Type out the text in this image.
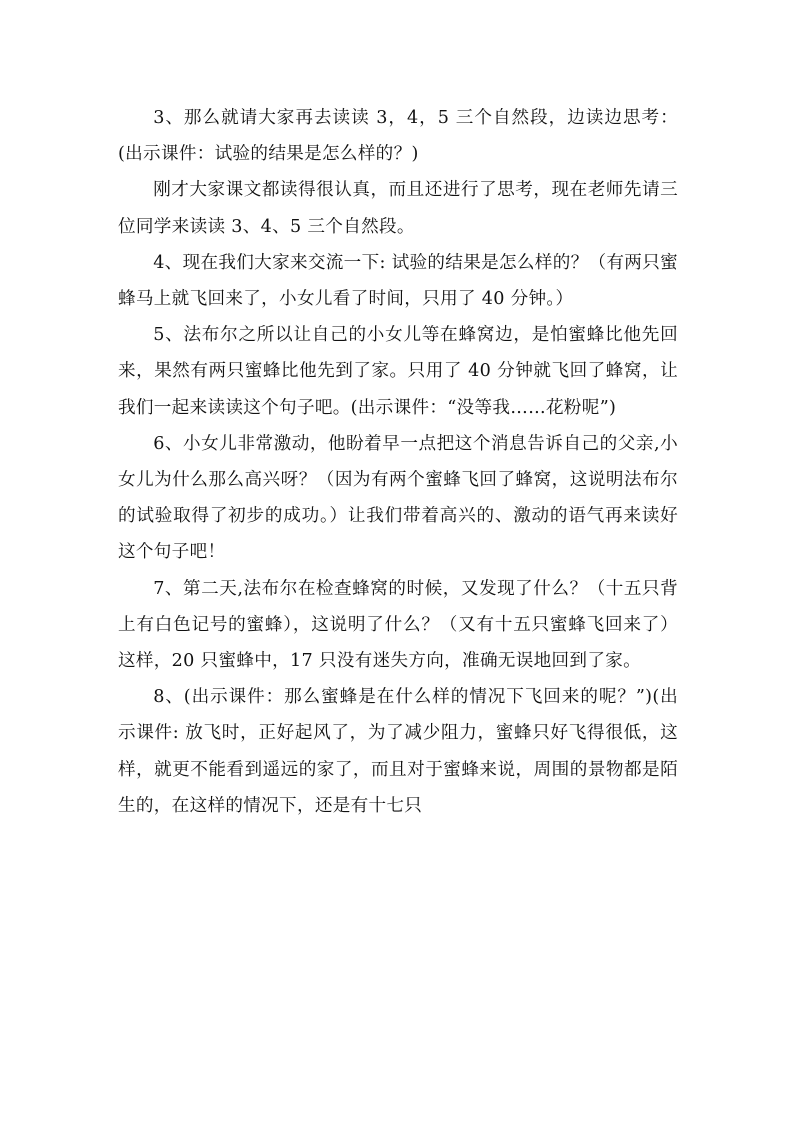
3、那么就请大家再去读读 3，4，5 三个自然段，边读边思考：(出示课件：试验的结果是怎么样的？)

刚才大家课文都读得很认真，而且还进行了思考，现在老师先请三位同学来读读 3、4、5 三个自然段。

4、现在我们大家来交流一下: 试验的结果是怎么样的？（有两只蜜蜂马上就飞回来了，小女儿看了时间，只用了 40 分钟。）

5、法布尔之所以让自己的小女儿等在蜂窝边，是怕蜜蜂比他先回来，果然有两只蜜蜂比他先到了家。只用了 40 分钟就飞回了蜂窝，让我们一起来读读这个句子吧。(出示课件：“没等我……花粉呢”)

6、小女儿非常激动，他盼着早一点把这个消息告诉自己的父亲,小女儿为什么那么高兴呀？（因为有两个蜜蜂飞回了蜂窝，这说明法布尔的试验取得了初步的成功。）让我们带着高兴的、激动的语气再来读好这个句子吧！

7、第二天,法布尔在检查蜂窝的时候，又发现了什么？（十五只背上有白色记号的蜜蜂），这说明了什么？（又有十五只蜜蜂飞回来了）这样，20 只蜜蜂中，17 只没有迷失方向，准确无误地回到了家。

8、(出示课件：那么蜜蜂是在什么样的情况下飞回来的呢？”)(出示课件: 放飞时，正好起风了，为了减少阻力，蜜蜂只好飞得很低，这样，就更不能看到遥远的家了，而且对于蜜蜂来说，周围的景物都是陌生的，在这样的情况下，还是有十七只
